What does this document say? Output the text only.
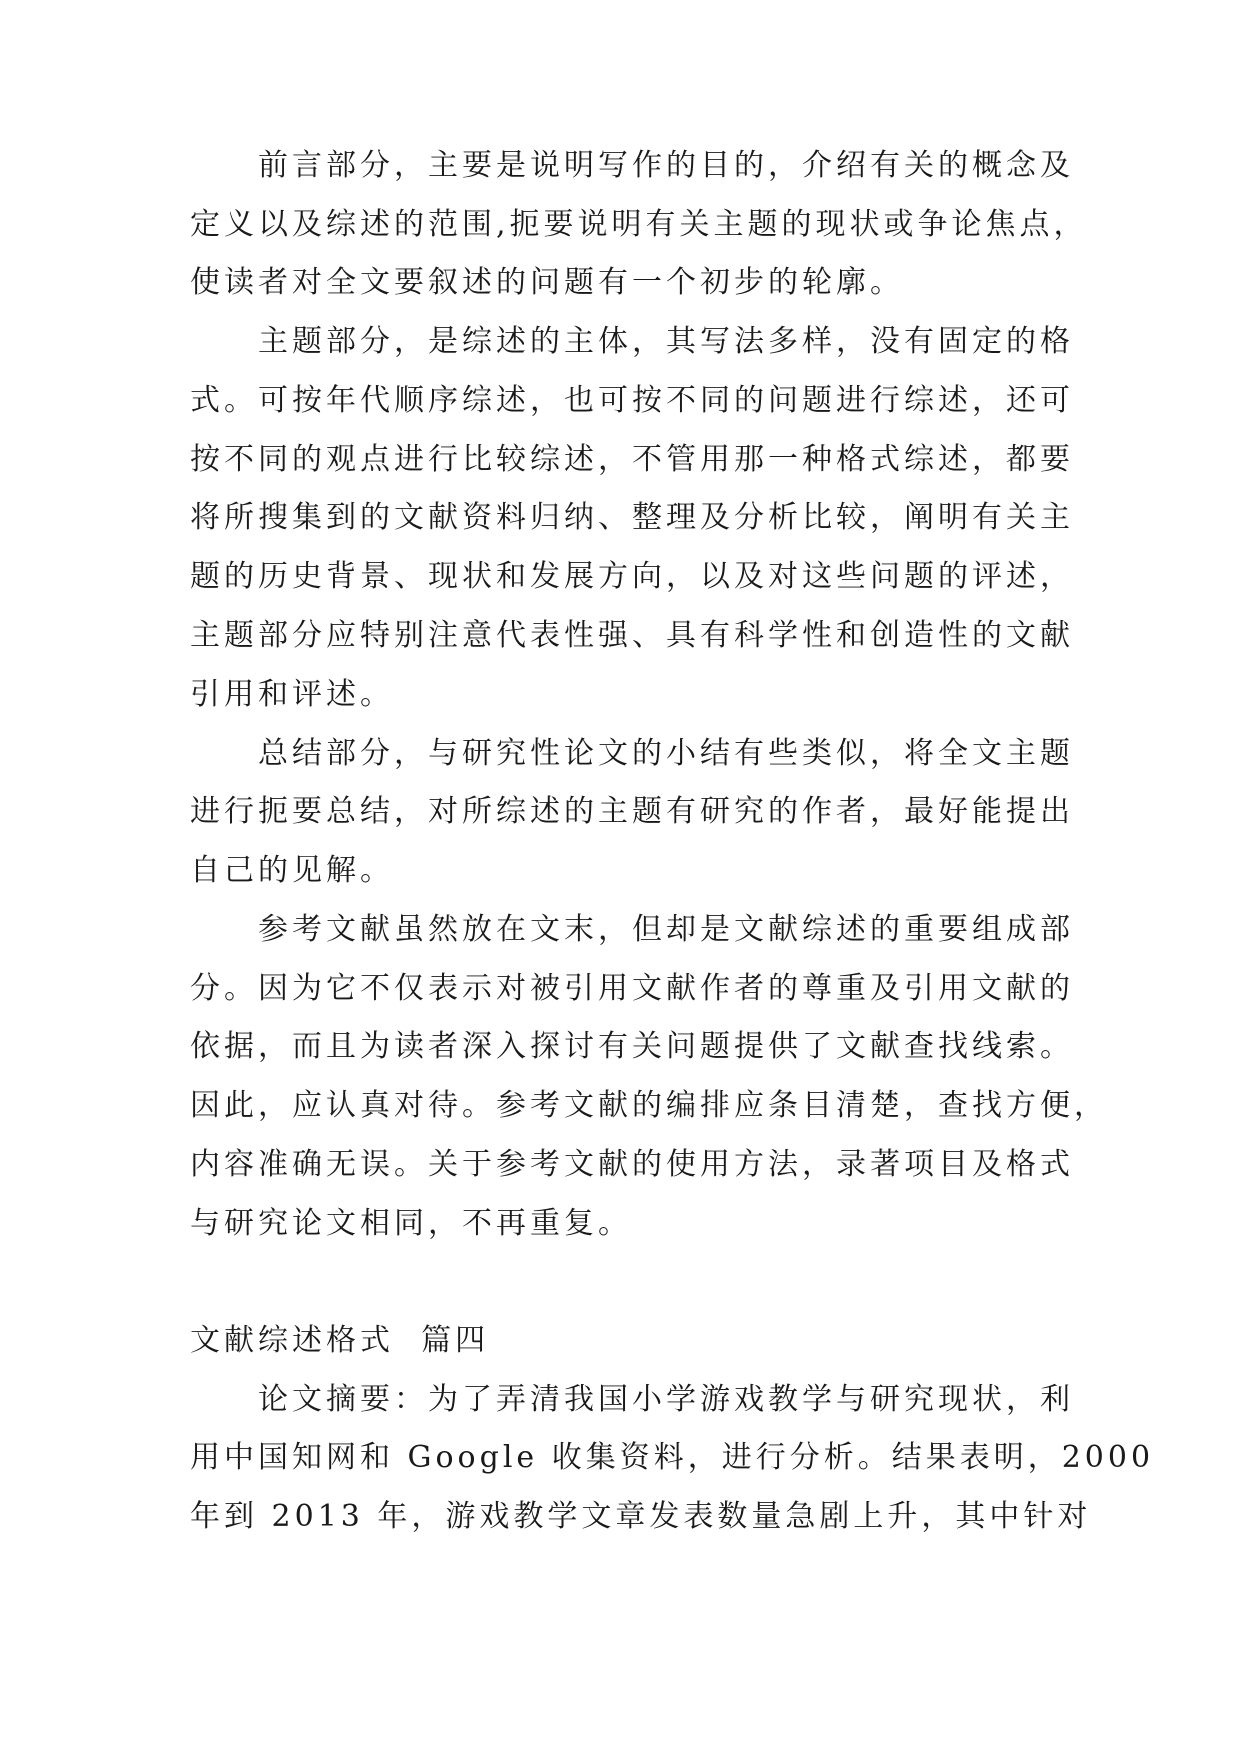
前言部分，主要是说明写作的目的，介绍有关的概念及
定义以及综述的范围,扼要说明有关主题的现状或争论焦点，
使读者对全文要叙述的问题有一个初步的轮廓。
主题部分，是综述的主体，其写法多样，没有固定的格
式。可按年代顺序综述，也可按不同的问题进行综述，还可
按不同的观点进行比较综述，不管用那一种格式综述，都要
将所搜集到的文献资料归纳、整理及分析比较，阐明有关主
题的历史背景、现状和发展方向，以及对这些问题的评述，
主题部分应特别注意代表性强、具有科学性和创造性的文献
引用和评述。
总结部分，与研究性论文的小结有些类似，将全文主题
进行扼要总结，对所综述的主题有研究的作者，最好能提出
自己的见解。
参考文献虽然放在文末，但却是文献综述的重要组成部
分。因为它不仅表示对被引用文献作者的尊重及引用文献的
依据，而且为读者深入探讨有关问题提供了文献查找线索。
因此，应认真对待。参考文献的编排应条目清楚，查找方便，
内容准确无误。关于参考文献的使用方法，录著项目及格式
与研究论文相同，不再重复。
文献综述格式  篇四
论文摘要：为了弄清我国小学游戏教学与研究现状，利
用中国知网和 Google 收集资料，进行分析。结果表明，2000
年到 2013 年，游戏教学文章发表数量急剧上升，其中针对
